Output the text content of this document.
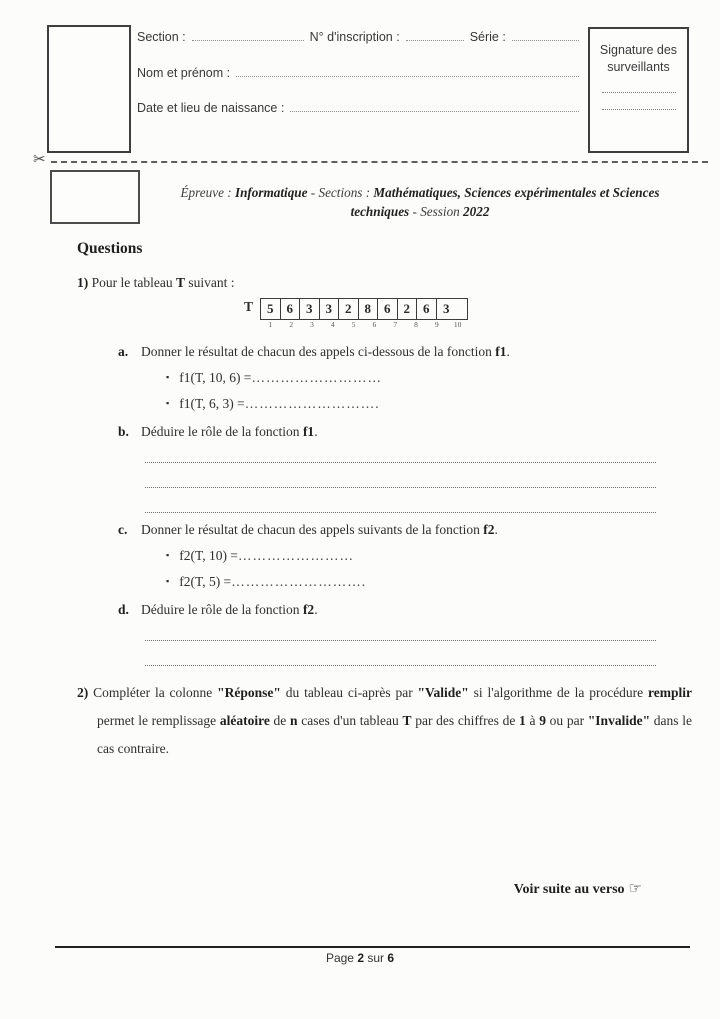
Section :	N° d'inscription :	Série :
Nom et prénom :
Date et lieu de naissance :
Signature des
surveillants
✂
Épreuve : Informatique - Sections : Mathématiques, Sciences expérimentales et Sciences techniques - Session 2022
Questions
1) Pour le tableau T suivant :
T	5	6	3	3	2	8	6	2	6	3
1	2	3	4	5	6	7	8	9	10
a. Donner le résultat de chacun des appels ci-dessous de la fonction f1.
▪ f1(T, 10, 6) = ………………………
▪ f1(T, 6, 3) = ……………………….
b. Déduire le rôle de la fonction f1.
c.	Donner le résultat de chacun des appels suivants de la fonction f2.
▪ f2(T, 10) = ……………………
▪ f2(T, 5) = ……………………….
d. Déduire le rôle de la fonction f2.
2) Compléter la colonne "Réponse" du tableau ci-après par "Valide" si l'algorithme de la procédure remplir permet le remplissage aléatoire de n cases d'un tableau T par des chiffres de 1 à 9 ou par "Invalide" dans le cas contraire.
Voir suite au verso ☞
Page 2 sur 6
